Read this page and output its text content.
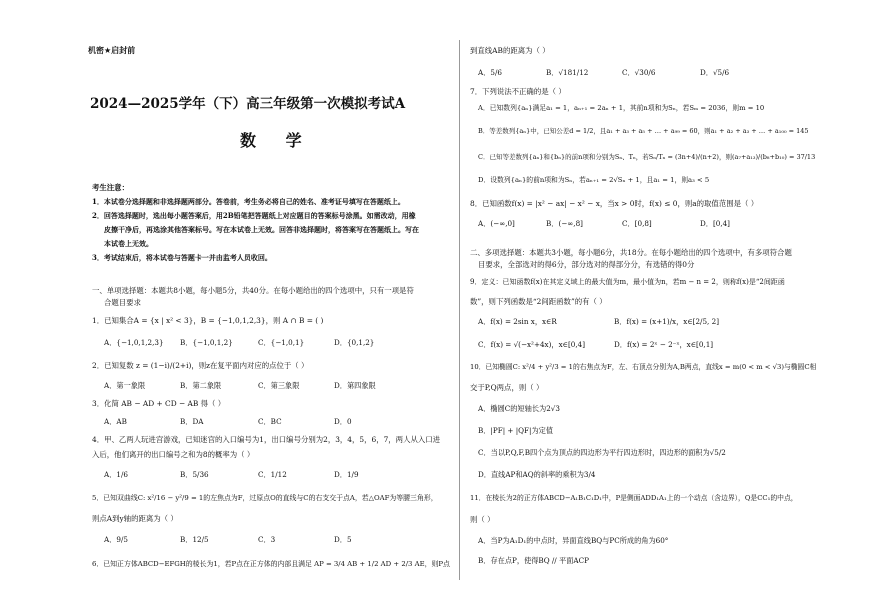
机密★启封前
2024—2025学年（下）高三年级第一次模拟考试A
数 学
考生注意：
1．本试卷分选择题和非选择题两部分。答卷前，考生务必将自己的姓名、准考证号填写在答题纸上。
2．回答选择题时，选出每小题答案后，用2B铅笔把答题纸上对应题目的答案标号涂黑。如需改动，用橡
皮擦干净后，再选涂其他答案标号。写在本试卷上无效。回答非选择题时，将答案写在答题纸上。写在
本试卷上无效。
3．考试结束后，将本试卷与答题卡一并由监考人员收回。
一、单项选择题：本题共8小题，每小题5分，共40分。在每小题给出的四个选项中，只有一项是符
合题目要求
1．已知集合A = {x | x² < 3}，B = {−1,0,1,2,3}，则 A ∩ B = ( )
A．{−1,0,1,2,3} B．{−1,0,1,2}	C．{−1,0,1}	D．{0,1,2}
2．已知复数 z = (1−i)/(2+i)，则z在复平面内对应的点位于（ ）
A．第一象限	B．第二象限	C．第三象限	D．第四象限
3．化简 AB − AD + CD − AB 得（ ）
A．AB	B．DA	C．BC	D．0
4．甲、乙两人玩进宫游戏，已知迷宫的入口编号为1，出口编号分别为2，3，4，5，6，7，两人从入口进
入后，他们离开的出口编号之和为8的概率为（ ）
A．1/6	B．5/36	C．1/12	D．1/9
5．已知双曲线C: x²/16 − y²/9 = 1的左焦点为F，过原点O的直线与C的右支交于点A，若△OAF为等腰三角形，
则点A到y轴的距离为（ ）
A．9/5	B．12/5	C．3	D．5
6．已知正方体ABCD−EFGH的棱长为1，若P点在正方体的内部且满足 AP = 3/4 AB + 1/2 AD + 2/3 AE，则P点
到直线AB的距离为（ ）
A．5/6	B．√181/12	C．√30/6	D．√5/6
7．下列说法不正确的是（ ）
A．已知数列{aₙ}满足a₁ = 1，aₙ₊₁ = 2aₙ + 1，其前n项和为Sₙ，若Sₘ = 2036，则m = 10
B．等差数列{aₙ}中，已知公差d = 1/2，且a₁ + a₃ + a₅ + … + a₉₉ = 60，则a₁ + a₂ + a₃ + … + a₁₀₀ = 145
C．已知等差数列{aₙ}和{bₙ}的前n项和分别为Sₙ、Tₙ，若Sₙ/Tₙ = (3n+4)/(n+2)，则(a₇+a₁₃)/(b₈+b₁₀) = 37/13
D．设数列{aₙ}的前n项和为Sₙ，若aₙ₊₁ = 2√Sₙ + 1，且a₁ = 1，则a₃ < 5
8．已知函数f(x) = |x² − ax| − x² − x，当x > 0时，f(x) ≤ 0，则a的取值范围是（ ）
A．(−∞,0]	B．(−∞,8]	C．[0,8]	D．[0,4]
二、多项选择题：本题共3小题，每小题6分，共18分。在每小题给出的四个选项中，有多项符合题
目要求，全部选对的得6分，部分选对的得部分分，有选错的得0分
9．定义：已知函数f(x)在其定义域上的最大值为m，最小值为n，若m − n = 2，则称f(x)是“2间距函
数”，则下列函数是“2间距函数”的有（ ）
A．f(x) = 2sin x，x∈R	B．f(x) = (x+1)/x，x∈[2/5, 2]
C．f(x) = √(−x²+4x)，x∈[0,4]	D．f(x) = 2ˣ − 2⁻ˣ，x∈[0,1]
10．已知椭圆C: x²/4 + y²/3 = 1的右焦点为F，左、右顶点分别为A,B两点，直线x = m(0 < m < √3)与椭圆C相
交于P,Q两点，则（ ）
A．椭圆C的短轴长为2√3
B．|PF| + |QF|为定值
C．当以P,Q,F,B四个点为顶点的四边形为平行四边形时，四边形的面积为√5/2
D．直线AP和AQ的斜率的乘积为3/4
11．在棱长为2的正方体ABCD−A₁B₁C₁D₁中，P是侧面ADD₁A₁上的一个动点（含边界），Q是CC₁的中点，
则（ ）
A．当P为A₁D₁的中点时，异面直线BQ与PC所成的角为60°
B．存在点P，使得BQ // 平面ACP
